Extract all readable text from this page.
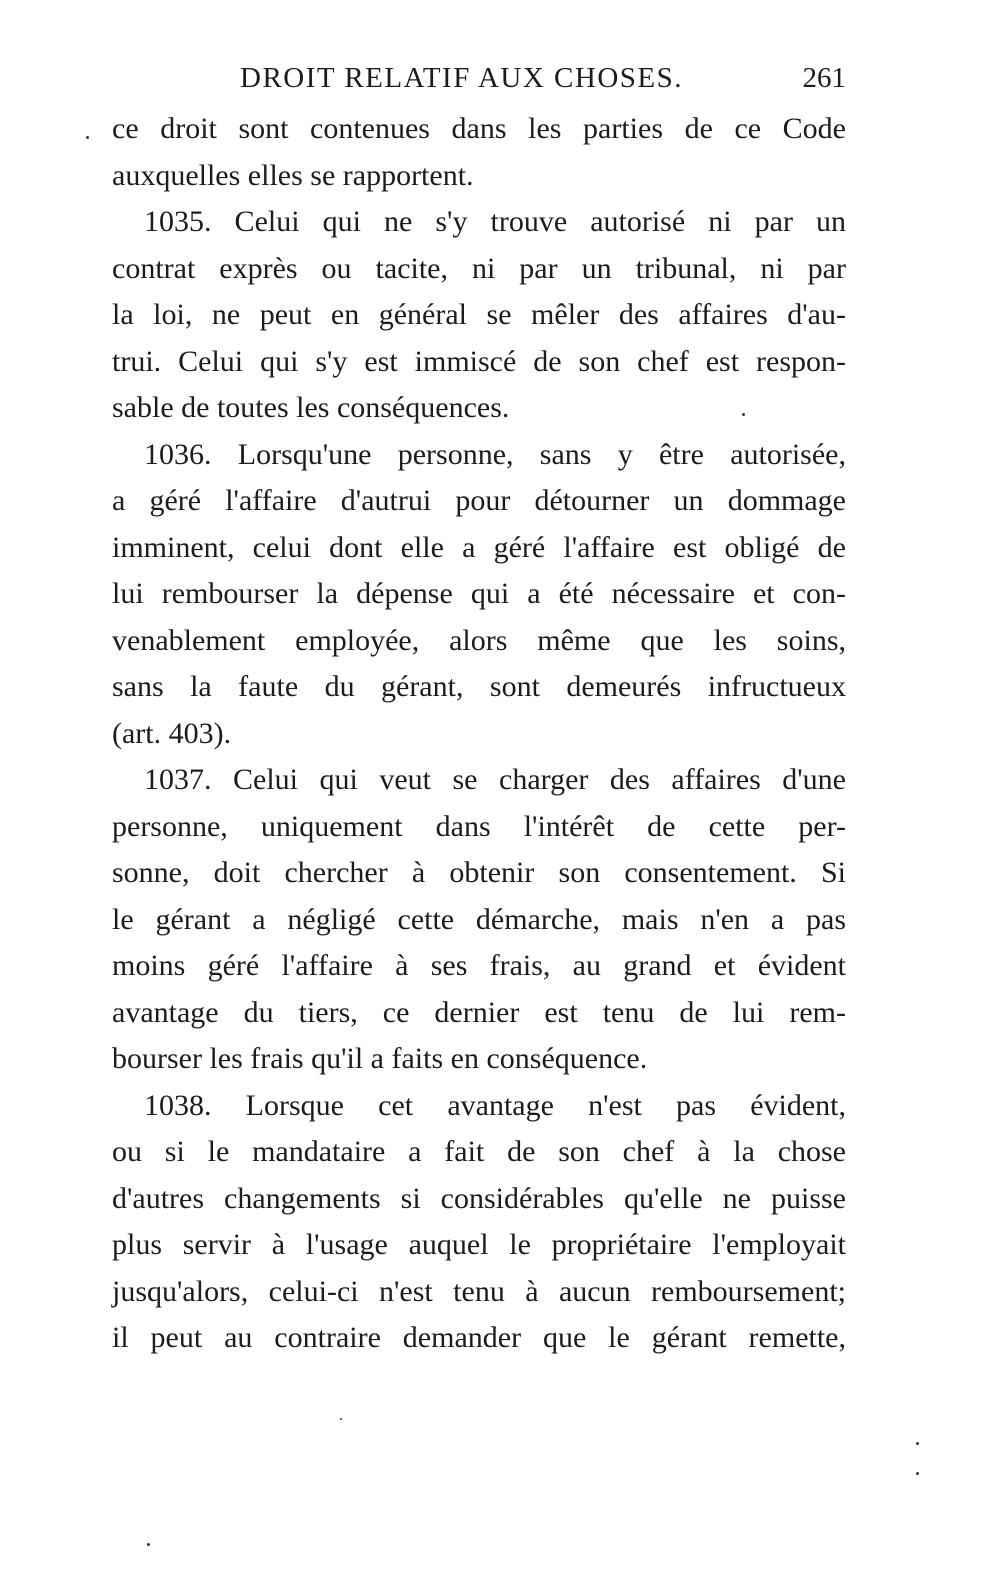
DROIT RELATIF AUX CHOSES.	261
ce droit sont contenues dans les parties de ce Code
auxquelles elles se rapportent.
1035. Celui qui ne s'y trouve autorisé ni par un
contrat exprès ou tacite, ni par un tribunal, ni par
la loi, ne peut en général se mêler des affaires d'au-
trui. Celui qui s'y est immiscé de son chef est respon-
sable de toutes les conséquences.
1036. Lorsqu'une personne, sans y être autorisée,
a géré l'affaire d'autrui pour détourner un dommage
imminent, celui dont elle a géré l'affaire est obligé de
lui rembourser la dépense qui a été nécessaire et con-
venablement employée, alors même que les soins,
sans la faute du gérant, sont demeurés infructueux
(art. 403).
1037. Celui qui veut se charger des affaires d'une
personne, uniquement dans l'intérêt de cette per-
sonne, doit chercher à obtenir son consentement. Si
le gérant a négligé cette démarche, mais n'en a pas
moins géré l'affaire à ses frais, au grand et évident
avantage du tiers, ce dernier est tenu de lui rem-
bourser les frais qu'il a faits en conséquence.
1038. Lorsque cet avantage n'est pas évident,
ou si le mandataire a fait de son chef à la chose
d'autres changements si considérables qu'elle ne puisse
plus servir à l'usage auquel le propriétaire l'employait
jusqu'alors, celui-ci n'est tenu à aucun remboursement;
il peut au contraire demander que le gérant remette,
